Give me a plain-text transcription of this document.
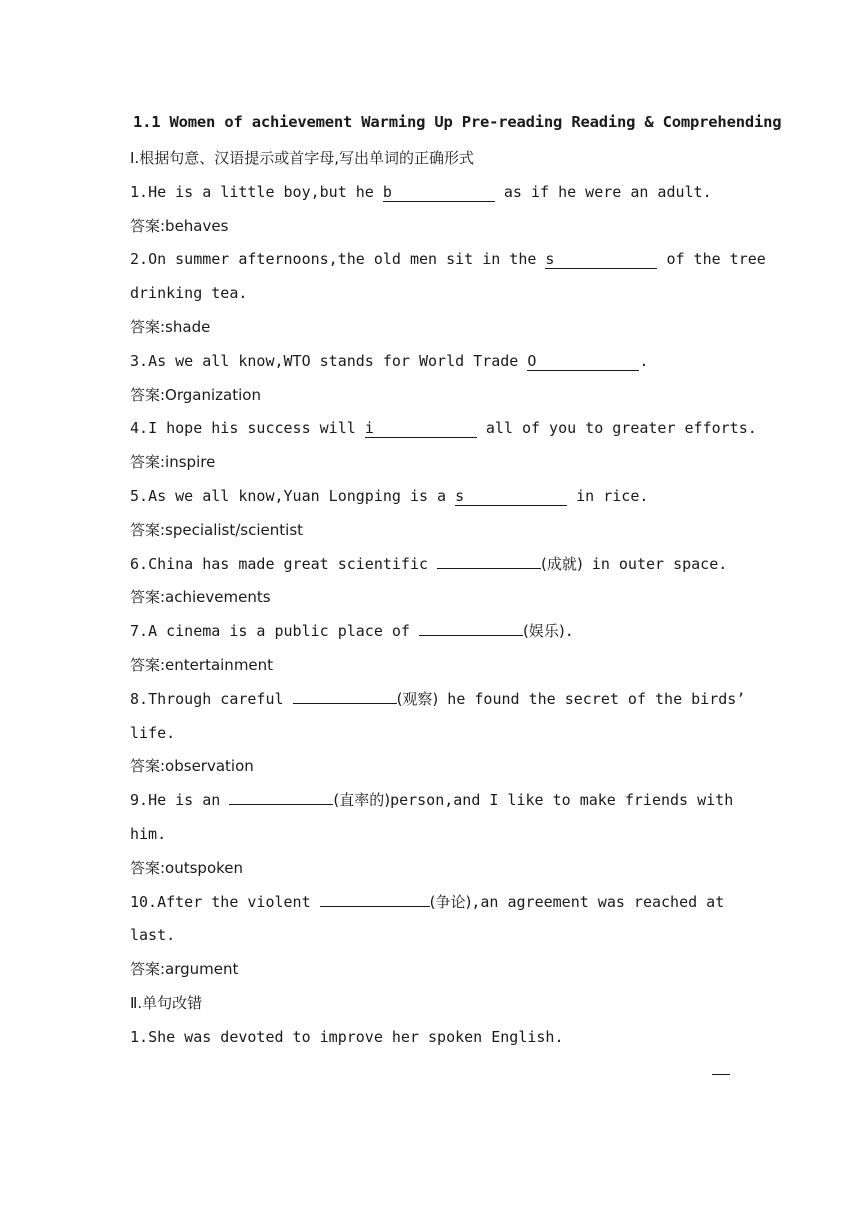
1.1 Women of achievement Warming Up Pre-reading Reading & Comprehending
Ⅰ.根据句意、汉语提示或首字母,写出单词的正确形式
1.He is a little boy,but he b	as if he were an adult.
答案:behaves
2.On summer afternoons,the old men sit in the s	of the tree
drinking tea.
答案:shade
3.As we all know,WTO stands for World Trade O	.
答案:Organization
4.I hope his success will i	all of you to greater efforts.
答案:inspire
5.As we all know,Yuan Longping is a s	in rice.
答案:specialist/scientist
6.China has made great scientific	(成就) in outer space.
答案:achievements
7.A cinema is a public place of	(娱乐).
答案:entertainment
8.Through careful	(观察) he found the secret of the birds’
life.
答案:observation
9.He is an	(直率的)person,and I like to make friends with
him.
答案:outspoken
10.After the violent	(争论),an agreement was reached at
last.
答案:argument
Ⅱ.单句改错
1.She was devoted to improve her spoken English.
